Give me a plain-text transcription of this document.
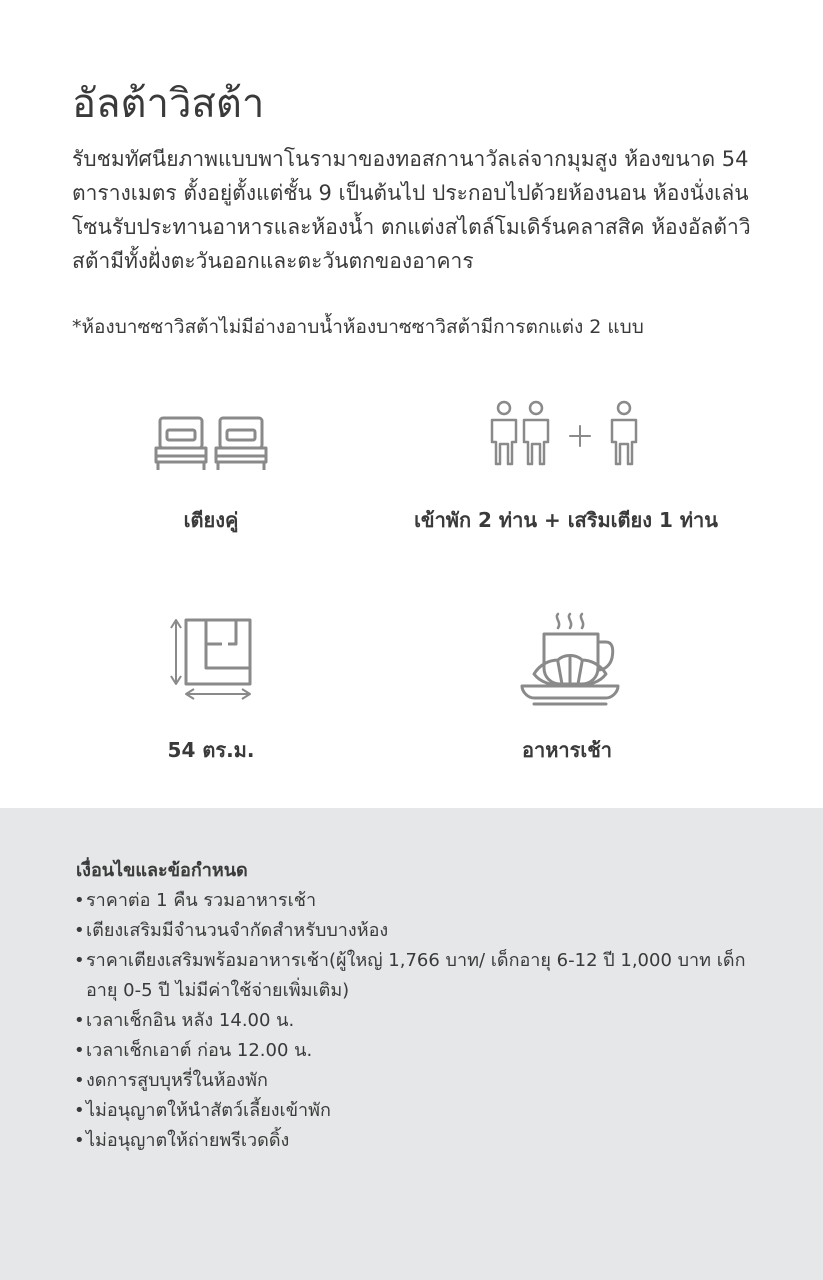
อัลต้าวิสต้า

รับชมทัศนียภาพแบบพาโนรามาของทอสกานาวัลเล่จากมุมสูง ห้องขนาด 54 ตารางเมตร ตั้งอยู่ตั้งแต่ชั้น 9 เป็นต้นไป ประกอบไปด้วยห้องนอน ห้องนั่งเล่น โซนรับประทานอาหารและห้องน้ำ ตกแต่งสไตล์โมเดิร์นคลาสสิค ห้องอัลต้าวิสต้ามีทั้งฝั่งตะวันออกและตะวันตกของอาคาร

*ห้องบาซซาวิสต้าไม่มีอ่างอาบน้ำห้องบาซซาวิสต้ามีการตกแต่ง 2 แบบ

เตียงคู่	เข้าพัก 2 ท่าน + เสริมเตียง 1 ท่าน
54 ตร.ม.	อาหารเช้า
เงื่อนไขและข้อกำหนด
• ราคาต่อ 1 คืน รวมอาหารเช้า
• เตียงเสริมมีจำนวนจำกัดสำหรับบางห้อง
• ราคาเตียงเสริมพร้อมอาหารเช้า(ผู้ใหญ่ 1,766 บาท/ เด็กอายุ 6-12 ปี 1,000 บาท เด็กอายุ 0-5 ปี ไม่มีค่าใช้จ่ายเพิ่มเติม)
• เวลาเช็กอิน หลัง 14.00 น.
• เวลาเช็กเอาต์ ก่อน 12.00 น.
• งดการสูบบุหรี่ในห้องพัก
• ไม่อนุญาตให้นำสัตว์เลี้ยงเข้าพัก
• ไม่อนุญาตให้ถ่ายพรีเวดดิ้ง
